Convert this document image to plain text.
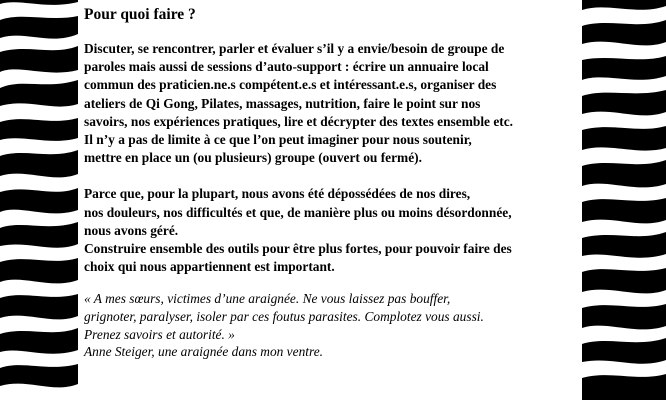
Pour quoi faire ?

Discuter, se rencontrer, parler et évaluer s’il y a envie/besoin de groupe de
paroles mais aussi de sessions d’auto-support : écrire un annuaire local
commun des praticien.ne.s compétent.e.s et intéressant.e.s, organiser des
ateliers de Qi Gong, Pilates, massages, nutrition, faire le point sur nos
savoirs, nos expériences pratiques, lire et décrypter des textes ensemble etc.
Il n’y a pas de limite à ce que l’on peut imaginer pour nous soutenir,
mettre en place un (ou plusieurs) groupe (ouvert ou fermé).

Parce que, pour la plupart, nous avons été dépossédées de nos dires,
nos douleurs, nos difficultés et que, de manière plus ou moins désordonnée,
nous avons géré.
Construire ensemble des outils pour être plus fortes, pour pouvoir faire des
choix qui nous appartiennent est important.

« A mes sœurs, victimes d’une araignée. Ne vous laissez pas bouffer,
grignoter, paralyser, isoler par ces foutus parasites. Complotez vous aussi.
Prenez savoirs et autorité. »

Anne Steiger, une araignée dans mon ventre.
